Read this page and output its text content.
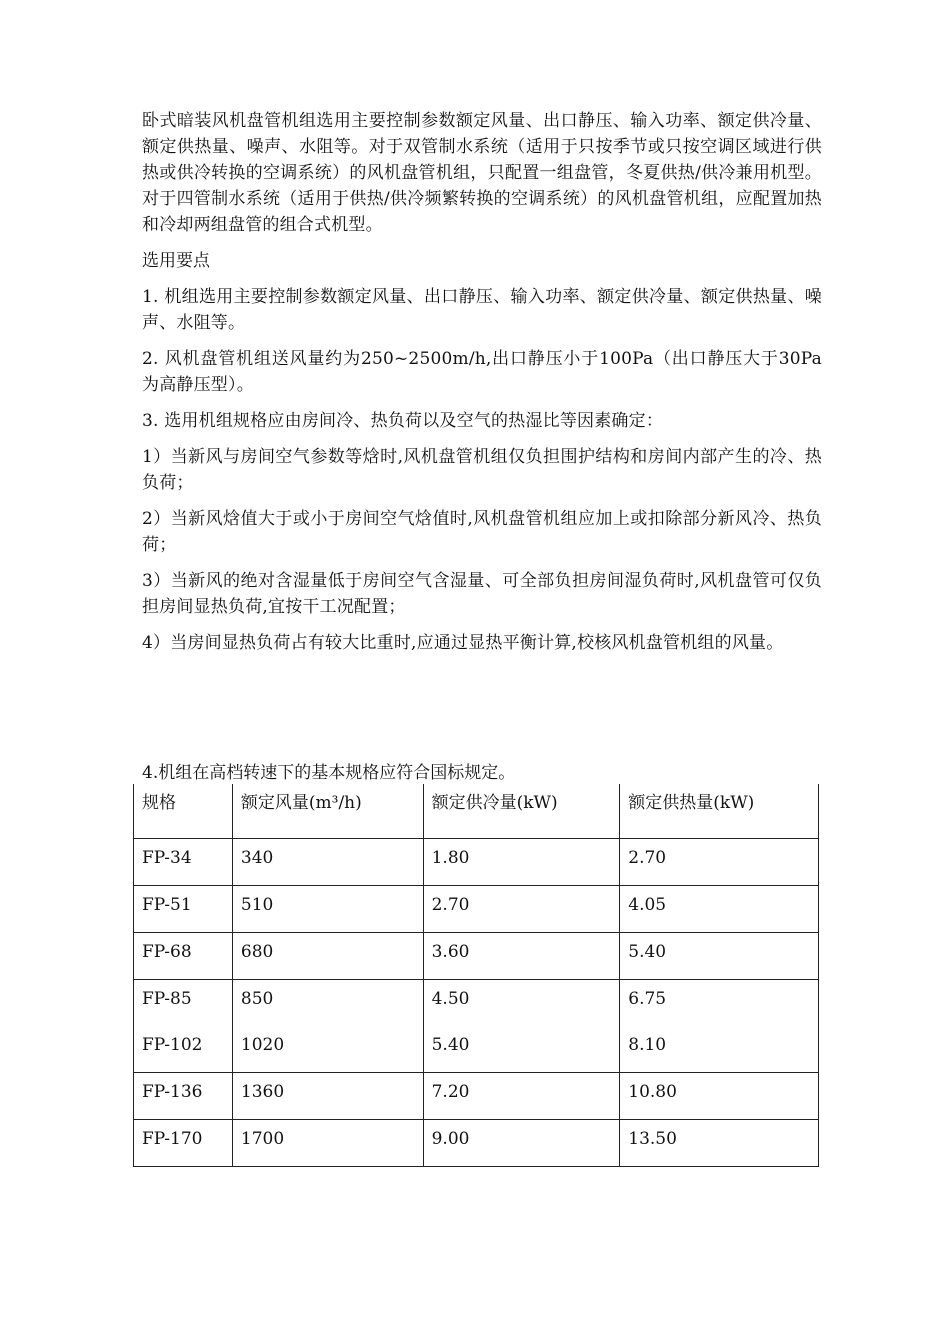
卧式暗装风机盘管机组选用主要控制参数额定风量、出口静压、输入功率、额定供冷量、额定供热量、噪声、水阻等。对于双管制水系统（适用于只按季节或只按空调区域进行供热或供冷转换的空调系统）的风机盘管机组，只配置一组盘管，冬夏供热/供冷兼用机型。对于四管制水系统（适用于供热/供冷频繁转换的空调系统）的风机盘管机组，应配置加热和冷却两组盘管的组合式机型。

选用要点

1. 机组选用主要控制参数额定风量、出口静压、输入功率、额定供冷量、额定供热量、噪声、水阻等。

2. 风机盘管机组送风量约为250~2500m/h,出口静压小于100Pa（出口静压大于30Pa为高静压型）。

3. 选用机组规格应由房间冷、热负荷以及空气的热湿比等因素确定：

1）当新风与房间空气参数等焓时,风机盘管机组仅负担围护结构和房间内部产生的冷、热负荷；

2）当新风焓值大于或小于房间空气焓值时,风机盘管机组应加上或扣除部分新风冷、热负荷；

3）当新风的绝对含湿量低于房间空气含湿量、可全部负担房间湿负荷时,风机盘管可仅负担房间显热负荷,宜按干工况配置；

4）当房间显热负荷占有较大比重时,应通过显热平衡计算,校核风机盘管机组的风量。

4.机组在高档转速下的基本规格应符合国标规定。
规格	额定风量(m³/h)	额定供冷量(kW)	额定供热量(kW)
FP-34	340	1.80	2.70
FP-51	510	2.70	4.05
FP-68	680	3.60	5.40
FP-85	850	4.50	6.75
FP-102	1020	5.40	8.10
FP-136	1360	7.20	10.80
FP-170	1700	9.00	13.50
